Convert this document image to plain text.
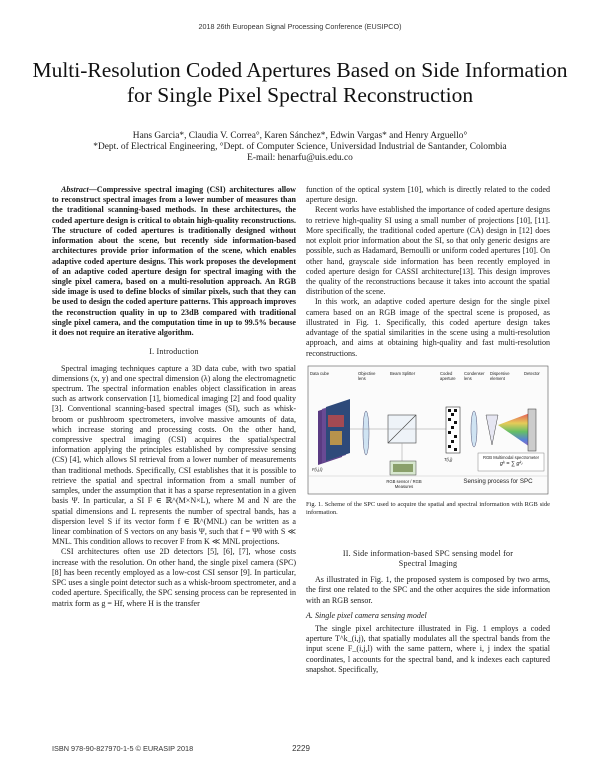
2018 26th European Signal Processing Conference (EUSIPCO)
Multi-Resolution Coded Apertures Based on Side Information for Single Pixel Spectral Reconstruction
Hans Garcia*, Claudia V. Correa°, Karen Sánchez*, Edwin Vargas* and Henry Arguello°
*Dept. of Electrical Engineering, °Dept. of Computer Science, Universidad Industrial de Santander, Colombia
E-mail: henarfu@uis.edu.co

Abstract—Compressive spectral imaging (CSI) architectures allow to reconstruct spectral images from a lower number of measures than the traditional scanning-based methods. In these architectures, the coded aperture design is critical to obtain high-quality reconstructions. The structure of coded apertures is traditionally designed without information about the scene, but recently side information-based architectures provide prior information of the scene, which enables adaptive coded aperture designs. This work proposes the development of an adaptive coded aperture design for spectral imaging with the single pixel camera, based on a multi-resolution approach. An RGB side image is used to define blocks of similar pixels, such that they can be used to design the coded aperture patterns. This approach improves the reconstruction quality in up to 23dB compared with traditional single pixel camera, and the computation time in up to 99.5% because it does not require an iterative algorithm.

I. Introduction

Spectral imaging techniques capture a 3D data cube, with two spatial dimensions (x, y) and one spectral dimension (λ) along the electromagnetic spectrum. The spectral information enables object classification in areas such as artwork conservation [1], biomedical imaging [2] and food quality [3]. Conventional scanning-based spectral images (SI), such as whisk-broom or pushbroom spectrometers, involve massive amounts of data, which increase storing and processing costs. On the other hand, compressive spectral imaging (CSI) acquires the spatial/spectral information applying the principles established by compressive sensing (CS) [4], which allows SI retrieval from a lower number of measurements than traditional methods. Specifically, CSI establishes that it is possible to retrieve the spatial and spectral information from a small number of samples, under the assumption that it has a sparse representation in a given basis Ψ. In particular, a SI F ∈ ℝ^(M×N×L), where M and N are the spatial dimensions and L represents the number of spectral bands, has a dispersion level S if its vector form f ∈ ℝ^(MNL) can be written as a linear combination of S vectors on any basis Ψ, such that f = Ψθ with S ≪ MNL. This condition allows to recover F from K ≪ MNL projections.

CSI architectures often use 2D detectors [5], [6], [7], whose costs increase with the resolution. On other hand, the single pixel camera (SPC) [8] has been recently employed as a low-cost CSI sensor [9]. In particular, SPC uses a single point detector such as a whisk-broom spectrometer, and a coded aperture. Specifically, the SPC sensing process can be represented in matrix form as g = Hf, where H is the transfer

function of the optical system [10], which is directly related to the coded aperture design.

Recent works have established the importance of coded aperture designs to retrieve high-quality SI using a small number of projections [10], [11]. More specifically, the traditional coded aperture (CA) design in [12] does not exploit prior information about the SI, so that only generic designs are possible, such as Hadamard, Bernoulli or uniform coded apertures [10]. On other hand, grayscale side information has been recently employed in coded aperture design for CASSI architecture[13]. This design improves the quality of the reconstructions because it takes into account the spatial distribution of the scene.

In this work, an adaptive coded aperture design for the single pixel camera based on an RGB image of the spectral scene is proposed, as illustrated in Fig. 1. Specifically, this coded aperture design takes advantage of the spatial similarities in the scene using a multi-resolution approach, and aims at obtaining high-quality and fast multi-resolution reconstructions.

Data cube	Objective lens
Beam Splitter	Coded aperture
Condenser lens
Dispersive element
Detector
F(i,j,l)
RGB sensor / RGB Measures
T(i,j)	RGB Multimodal spectrometer
gᵏ = ∑ gᵏₗ
Sensing process for SPC
Fig. 1. Scheme of the SPC used to acquire the spatial and spectral information with RGB side information.

II. Side information-based SPC sensing model for

Spectral Imaging

As illustrated in Fig. 1, the proposed system is composed by two arms, the first one related to the SPC and the other acquires the side information with an RGB sensor.

A. Single pixel camera sensing model

The single pixel architecture illustrated in Fig. 1 employs a coded aperture T^k_(i,j), that spatially modulates all the spectral bands from the input scene F_(i,j,l) with the same pattern, where i, j index the spatial coordinates, l accounts for the spectral band, and k indexes each captured snapshot. Specifically,

ISBN 978-90-827970-1-5 © EURASIP 2018	2229
